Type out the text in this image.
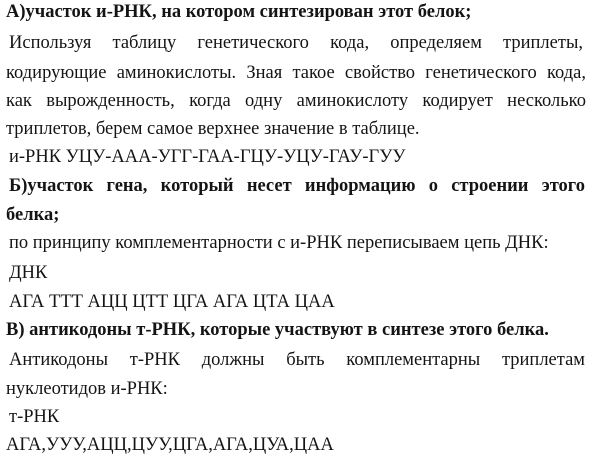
А)участок и-РНК, на котором синтезирован этот белок;
Используя таблицу генетического кода, определяем триплеты,
кодирующие аминокислоты. Зная такое свойство генетического кода,
как вырожденность, когда одну аминокислоту кодирует несколько
триплетов, берем самое верхнее значение в таблице.
и-РНК УЦУ-ААА-УГГ-ГАА-ГЦУ-УЦУ-ГАУ-ГУУ
Б)участок гена, который несет информацию о строении этого
белка;
по принципу комплементарности с и-РНК переписываем цепь ДНК:
ДНК
АГА ТТТ АЦЦ ЦТТ ЦГА АГА ЦТА ЦАА
В) антикодоны т-РНК, которые участвуют в синтезе этого белка.
Антикодоны т-РНК должны быть комплементарны триплетам
нуклеотидов и-РНК:
т-РНК
АГА,УУУ,АЦЦ,ЦУУ,ЦГА,АГА,ЦУА,ЦАА
